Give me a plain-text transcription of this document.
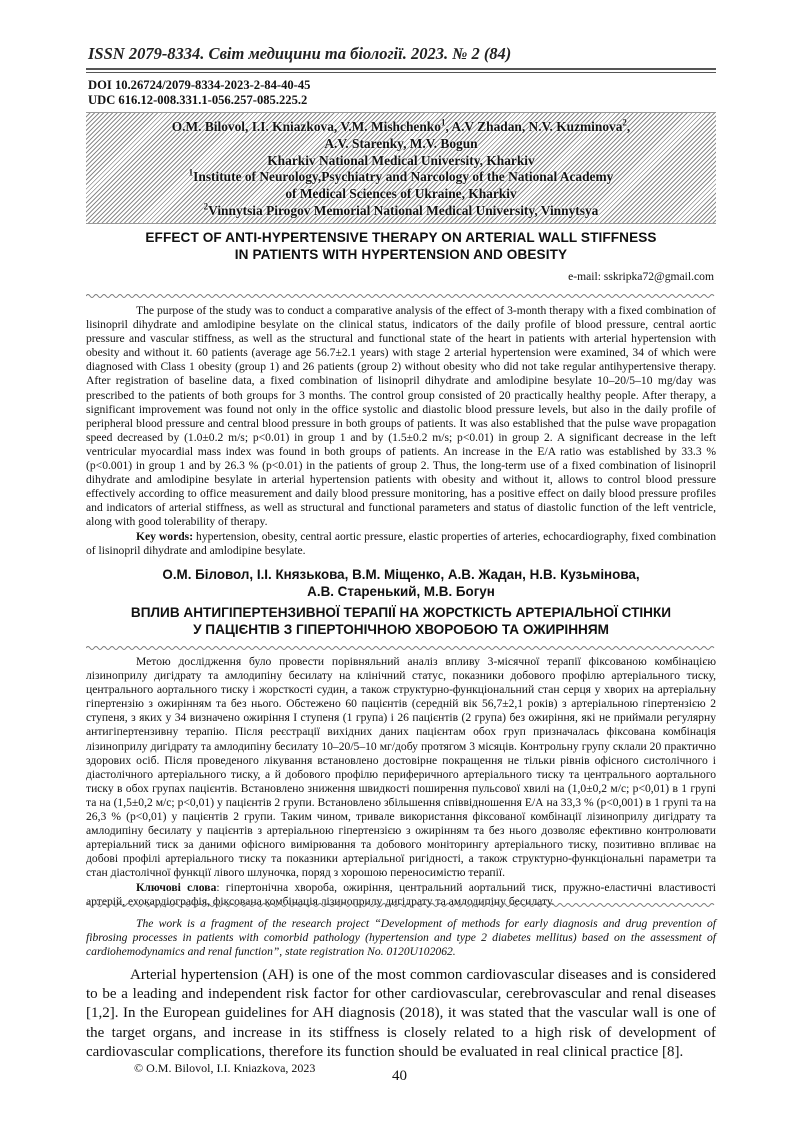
ISSN 2079-8334. Світ медицини та біології. 2023. № 2 (84)
DOI 10.26724/2079-8334-2023-2-84-40-45
UDC 616.12-008.331.1-056.257-085.225.2
O.M. Bilovol, I.I. Kniazkova, V.M. Mishchenko$^1$, A.V Zhadan, N.V. Kuzminova$^2$,
A.V. Starenky, M.V. Bogun
Kharkiv National Medical University, Kharkiv
$^1$Institute of Neurology,Psychiatry and Narcology of the National Academy
of Medical Sciences of Ukraine, Kharkiv
$^2$Vinnytsia Pirogov Memorial National Medical University, Vinnytsya
EFFECT OF ANTI-HYPERTENSIVE THERAPY ON ARTERIAL WALL STIFFNESS
IN PATIENTS WITH HYPERTENSION AND OBESITY
e-mail: sskripka72@gmail.com

The purpose of the study was to conduct a comparative analysis of the effect of 3-month therapy with a fixed combination of lisinopril dihydrate and amlodipine besylate on the clinical status, indicators of the daily profile of blood pressure, central aortic pressure and vascular stiffness, as well as the structural and functional state of the heart in patients with arterial hypertension with obesity and without it. 60 patients (average age 56.7±2.1 years) with stage 2 arterial hypertension were examined, 34 of which were diagnosed with Class 1 obesity (group 1) and 26 patients (group 2) without obesity who did not take regular antihypertensive therapy. After registration of baseline data, a fixed combination of lisinopril dihydrate and amlodipine besylate 10–20/5–10 mg/day was prescribed to the patients of both groups for 3 months. The control group consisted of 20 practically healthy people. After therapy, a significant improvement was found not only in the office systolic and diastolic blood pressure levels, but also in the daily profile of peripheral blood pressure and central blood pressure in both groups of patients. It was also established that the pulse wave propagation speed decreased by (1.0±0.2 m/s; p<0.01) in group 1 and by (1.5±0.2 m/s; p<0.01) in group 2. A significant decrease in the left ventricular myocardial mass index was found in both groups of patients. An increase in the E/A ratio was established by 33.3 % (p<0.001) in group 1 and by 26.3 % (p<0.01) in the patients of group 2. Thus, the long-term use of a fixed combination of lisinopril dihydrate and amlodipine besylate in arterial hypertension patients with obesity and without it, allows to control blood pressure effectively according to office measurement and daily blood pressure monitoring, has a positive effect on daily blood pressure profiles and indicators of arterial stiffness, as well as structural and functional parameters and status of diastolic function of the left ventricle, along with good tolerability of therapy.

Key words: hypertension, obesity, central aortic pressure, elastic properties of arteries, echocardiography, fixed combination of lisinopril dihydrate and amlodipine besylate.

О.М. Біловол, І.І. Князькова, В.М. Міщенко, А.В. Жадан, Н.В. Кузьмінова,
А.В. Старенький, М.В. Богун
ВПЛИВ АНТИГІПЕРТЕНЗИВНОЇ ТЕРАПІЇ НА ЖОРСТКІСТЬ АРТЕРІАЛЬНОЇ СТІНКИ
У ПАЦІЄНТІВ З ГІПЕРТОНІЧНОЮ ХВОРОБОЮ ТА ОЖИРІННЯМ

Метою дослідження було провести порівняльний аналіз впливу 3-місячної терапії фіксованою комбінацією лізиноприлу дигідрату та амлодипіну бесилату на клінічний статус, показники добового профілю артеріального тиску, центрального аортального тиску і жорсткості судин, а також структурно-функціональний стан серця у хворих на артеріальну гіпертензію з ожирінням та без нього. Обстежено 60 пацієнтів (середній вік 56,7±2,1 років) з артеріальною гіпертензією 2 ступеня, з яких у 34 визначено ожиріння І ступеня (1 група) і 26 пацієнтів (2 група) без ожиріння, які не приймали регулярну антигіпертензивну терапію. Після реєстрації вихідних даних пацієнтам обох груп призначалась фіксована комбінація лізиноприлу дигідрату та амлодипіну бесилату 10–20/5–10 мг/добу протягом 3 місяців. Контрольну групу склали 20 практично здорових осіб. Після проведеного лікування встановлено достовірне покращення не тільки рівнів офісного систолічного і діастолічного артеріального тиску, а й добового профілю периферичного артеріального тиску та центрального аортального тиску в обох групах пацієнтів. Встановлено зниження швидкості поширення пульсової хвилі на (1,0±0,2 м/с; p<0,01) в 1 групі та на (1,5±0,2 м/с; p<0,01) у пацієнтів 2 групи. Встановлено збільшення співвідношення Е/А на 33,3 % (p<0,001) в 1 групі та на 26,3 % (p<0,01) у пацієнтів 2 групи. Таким чином, тривале використання фіксованої комбінації лізиноприлу дигідрату та амлодипіну бесилату у пацієнтів з артеріальною гіпертензією з ожирінням та без нього дозволяє ефективно контролювати артеріальний тиск за даними офісного вимірювання та добового моніторингу артеріального тиску, позитивно впливає на добові профілі артеріального тиску та показники артеріальної ригідності, а також структурно-функціональні параметри та стан діастолічної функції лівого шлуночка, поряд з хорошою переносимістю терапії.

Ключові слова: гіпертонічна хвороба, ожиріння, центральний аортальний тиск, пружно-еластичні властивості артерій, ехокардіографія, фіксована комбінація лізиноприлу дигідрату та амлодипіну бесилату.

The work is a fragment of the research project “Development of methods for early diagnosis and drug prevention of fibrosing processes in patients with comorbid pathology (hypertension and type 2 diabetes mellitus) based on the assessment of cardiohemodynamics and renal function”, state registration No. 0120U102062.
Arterial hypertension (AH) is one of the most common cardiovascular diseases and is considered to be a leading and independent risk factor for other cardiovascular, cerebrovascular and renal diseases [1,2]. In the European guidelines for AH diagnosis (2018), it was stated that the vascular wall is one of the target organs, and increase in its stiffness is closely related to a high risk of development of cardiovascular complications, therefore its function should be evaluated in real clinical practice [8].
© O.M. Bilovol, I.I. Kniazkova, 2023	40
